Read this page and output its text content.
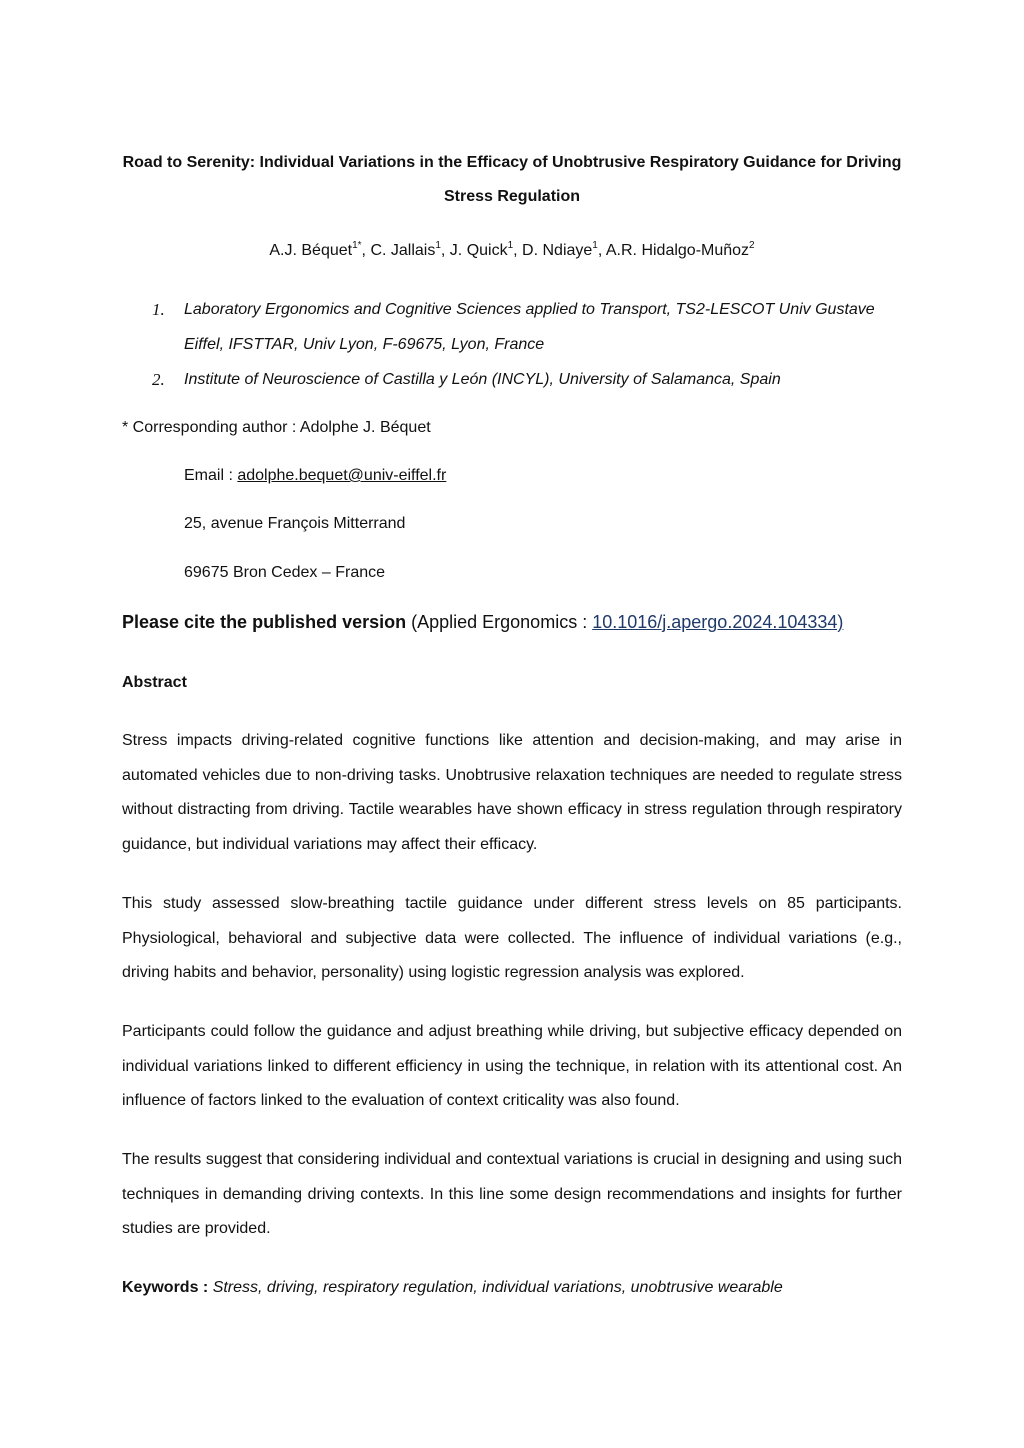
Road to Serenity: Individual Variations in the Efficacy of Unobtrusive Respiratory Guidance for Driving Stress Regulation
A.J. Béquet$^{1*}$, C. Jallais$^1$, J. Quick$^1$, D. Ndiaye$^1$, A.R. Hidalgo-Muñoz$^2$
1. Laboratory Ergonomics and Cognitive Sciences applied to Transport, TS2-LESCOT Univ Gustave Eiffel, IFSTTAR, Univ Lyon, F-69675, Lyon, France
2. Institute of Neuroscience of Castilla y León (INCYL), University of Salamanca, Spain
* Corresponding author : Adolphe J. Béquet
Email : adolphe.bequet@univ-eiffel.fr
25, avenue François Mitterrand
69675 Bron Cedex – France
Please cite the published version (Applied Ergonomics : 10.1016/j.apergo.2024.104334)
Abstract

Stress impacts driving-related cognitive functions like attention and decision-making, and may arise in automated vehicles due to non-driving tasks. Unobtrusive relaxation techniques are needed to regulate stress without distracting from driving. Tactile wearables have shown efficacy in stress regulation through respiratory guidance, but individual variations may affect their efficacy.

This study assessed slow-breathing tactile guidance under different stress levels on 85 participants. Physiological, behavioral and subjective data were collected. The influence of individual variations (e.g., driving habits and behavior, personality) using logistic regression analysis was explored.

Participants could follow the guidance and adjust breathing while driving, but subjective efficacy depended on individual variations linked to different efficiency in using the technique, in relation with its attentional cost. An influence of factors linked to the evaluation of context criticality was also found.

The results suggest that considering individual and contextual variations is crucial in designing and using such techniques in demanding driving contexts. In this line some design recommendations and insights for further studies are provided.

Keywords : Stress, driving, respiratory regulation, individual variations, unobtrusive wearable
